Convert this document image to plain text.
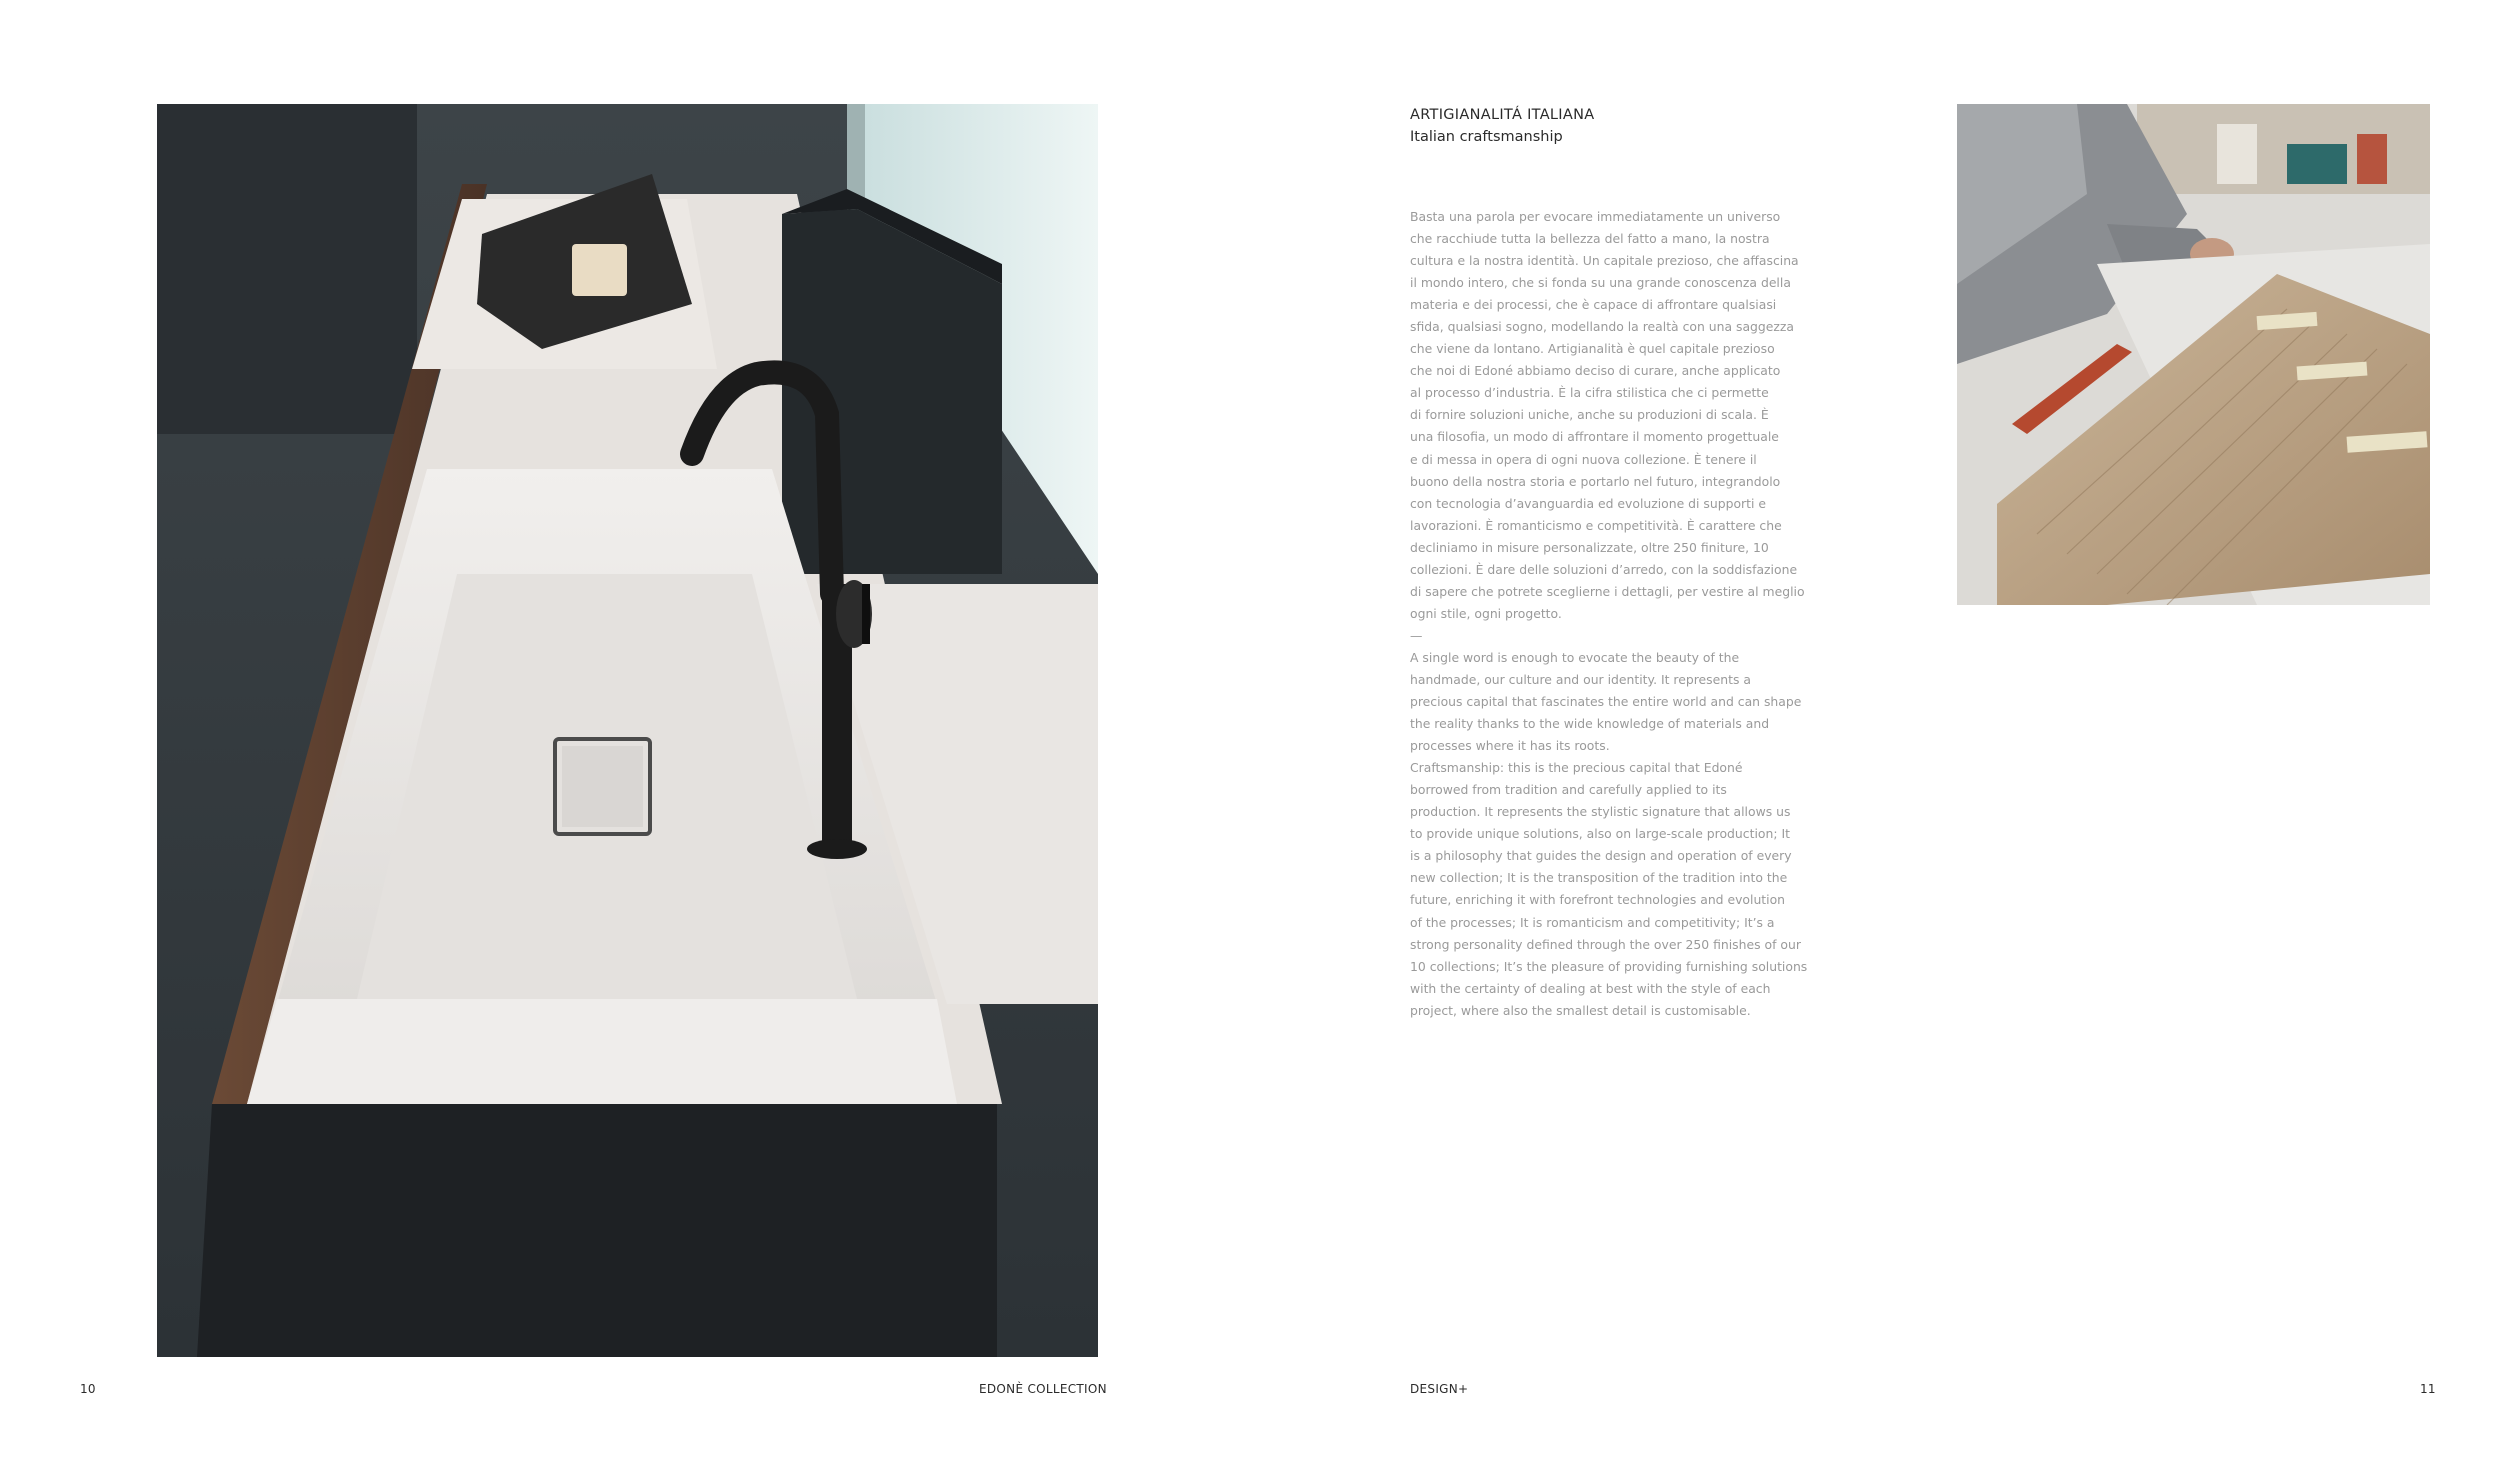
ARTIGIANALITÁ ITALIANA
Italian craftsmanship
Basta una parola per evocare immediatamente un universo
che racchiude tutta la bellezza del fatto a mano, la nostra
cultura e la nostra identità. Un capitale prezioso, che affascina
il mondo intero, che si fonda su una grande conoscenza della
materia e dei processi, che è capace di affrontare qualsiasi
sfida, qualsiasi sogno, modellando la realtà con una saggezza
che viene da lontano. Artigianalità è quel capitale prezioso
che noi di Edoné abbiamo deciso di curare, anche applicato
al processo d’industria. È la cifra stilistica che ci permette
di fornire soluzioni uniche, anche su produzioni di scala. È
una filosofia, un modo di affrontare il momento progettuale
e di messa in opera di ogni nuova collezione. È tenere il
buono della nostra storia e portarlo nel futuro, integrandolo
con tecnologia d’avanguardia ed evoluzione di supporti e
lavorazioni. È romanticismo e competitività. È carattere che
decliniamo in misure personalizzate, oltre 250 finiture, 10
collezioni. È dare delle soluzioni d’arredo, con la soddisfazione
di sapere che potrete sceglierne i dettagli, per vestire al meglio
ogni stile, ogni progetto.
—
A single word is enough to evocate the beauty of the
handmade, our culture and our identity. It represents a
precious capital that fascinates the entire world and can shape
the reality thanks to the wide knowledge of materials and
processes where it has its roots.
Craftsmanship: this is the precious capital that Edoné
borrowed from tradition and carefully applied to its
production. It represents the stylistic signature that allows us
to provide unique solutions, also on large-scale production; It
is a philosophy that guides the design and operation of every
new collection; It is the transposition of the tradition into the
future, enriching it with forefront technologies and evolution
of the processes; It is romanticism and competitivity; It’s a
strong personality defined through the over 250 finishes of our
10 collections; It’s the pleasure of providing furnishing solutions
with the certainty of dealing at best with the style of each
project, where also the smallest detail is customisable.
10	EDONÈ COLLECTION	DESIGN+	11
